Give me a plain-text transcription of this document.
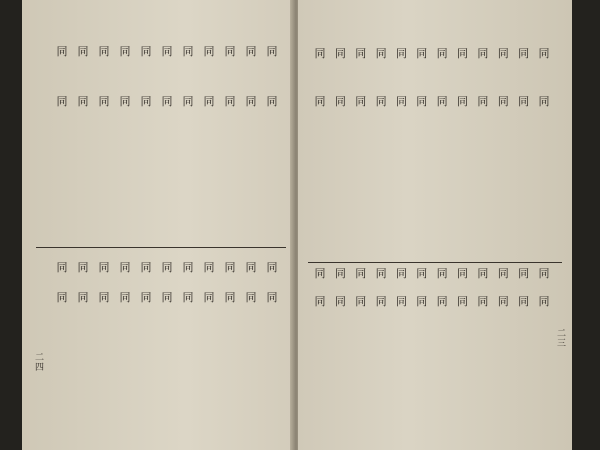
同
同
同
同
同
同
同
同
同
同
同
同
同
同
同
同
同
同
同
同
同
同
同
同
同
同
同
同
同
同
同
同
同
同
同
同
同
同
同
同
同
同
同
同
二四
同
同
同
同
同
同
同
同
同
同
同
同
同
同
同
同
同
同
同
同
同
同
同
同
同
同
同
同
同
同
同
同
同
同
同
同
同
同
同
同
同
同
同
同
同
同
同
同
二三
